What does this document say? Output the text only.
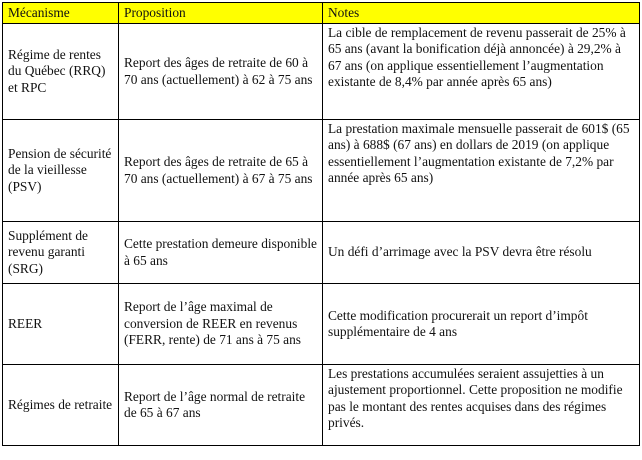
Mécanisme	Proposition	Notes
Régime de rentes du Québec (RRQ) et RPC	Report des âges de retraite de 60 à 70 ans (actuellement) à 62 à 75 ans	La cible de remplacement de revenu passerait de 25% à 65 ans (avant la bonification déjà annoncée) à 29,2% à 67 ans (on applique essentiellement l’augmentation existante de 8,4% par année après 65 ans)
Pension de sécurité de la vieillesse (PSV)	Report des âges de retraite de 65 à 70 ans (actuellement) à 67 à 75 ans	La prestation maximale mensuelle passerait de 601$ (65 ans) à 688$ (67 ans) en dollars de 2019 (on applique essentiellement l’augmentation existante de 7,2% par année après 65 ans)
Supplément de revenu garanti (SRG)	Cette prestation demeure disponible à 65 ans	Un défi d’arrimage avec la PSV devra être résolu
REER	Report de l’âge maximal de conversion de REER en revenus (FERR, rente) de 71 ans à 75 ans	Cette modification procurerait un report d’impôt supplémentaire de 4 ans
Régimes de retraite	Report de l’âge normal de retraite de 65 à 67 ans	Les prestations accumulées seraient assujetties à un ajustement proportionnel. Cette proposition ne modifie pas le montant des rentes acquises dans des régimes privés.
